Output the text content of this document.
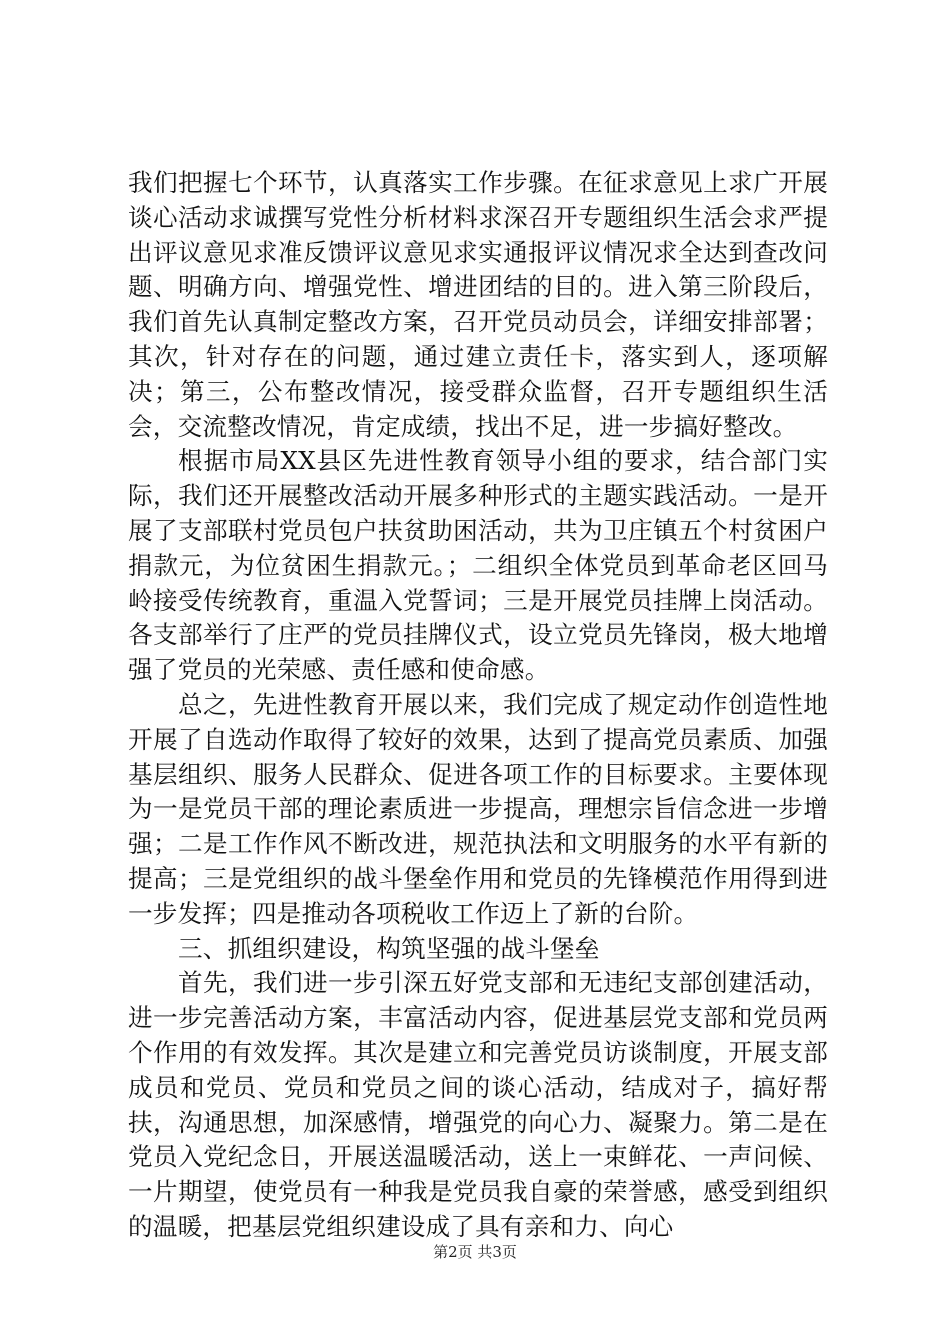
我们把握七个环节，认真落实工作步骤。在征求意见上求广开展谈心活动求诚撰写党性分析材料求深召开专题组织生活会求严提出评议意见求准反馈评议意见求实通报评议情况求全达到查改问题、明确方向、增强党性、增进团结的目的。进入第三阶段后，我们首先认真制定整改方案，召开党员动员会，详细安排部署；其次，针对存在的问题，通过建立责任卡，落实到人，逐项解决；第三，公布整改情况，接受群众监督，召开专题组织生活会，交流整改情况，肯定成绩，找出不足，进一步搞好整改。

根据市局XX县区先进性教育领导小组的要求，结合部门实际，我们还开展整改活动开展多种形式的主题实践活动。一是开展了支部联村党员包户扶贫助困活动，共为卫庄镇五个村贫困户捐款元，为位贫困生捐款元。；二组织全体党员到革命老区回马岭接受传统教育，重温入党誓词；三是开展党员挂牌上岗活动。各支部举行了庄严的党员挂牌仪式，设立党员先锋岗，极大地增强了党员的光荣感、责任感和使命感。

总之，先进性教育开展以来，我们完成了规定动作创造性地开展了自选动作取得了较好的效果，达到了提高党员素质、加强基层组织、服务人民群众、促进各项工作的目标要求。主要体现为一是党员干部的理论素质进一步提高，理想宗旨信念进一步增强；二是工作作风不断改进，规范执法和文明服务的水平有新的提高；三是党组织的战斗堡垒作用和党员的先锋模范作用得到进一步发挥；四是推动各项税收工作迈上了新的台阶。

三、抓组织建设，构筑坚强的战斗堡垒

首先，我们进一步引深五好党支部和无违纪支部创建活动，进一步完善活动方案，丰富活动内容，促进基层党支部和党员两个作用的有效发挥。其次是建立和完善党员访谈制度，开展支部成员和党员、党员和党员之间的谈心活动，结成对子，搞好帮扶，沟通思想，加深感情，增强党的向心力、凝聚力。第二是在党员入党纪念日，开展送温暖活动，送上一束鲜花、一声问候、一片期望，使党员有一种我是党员我自豪的荣誉感，感受到组织的温暖，把基层党组织建设成了具有亲和力、向心

第2页 共3页
